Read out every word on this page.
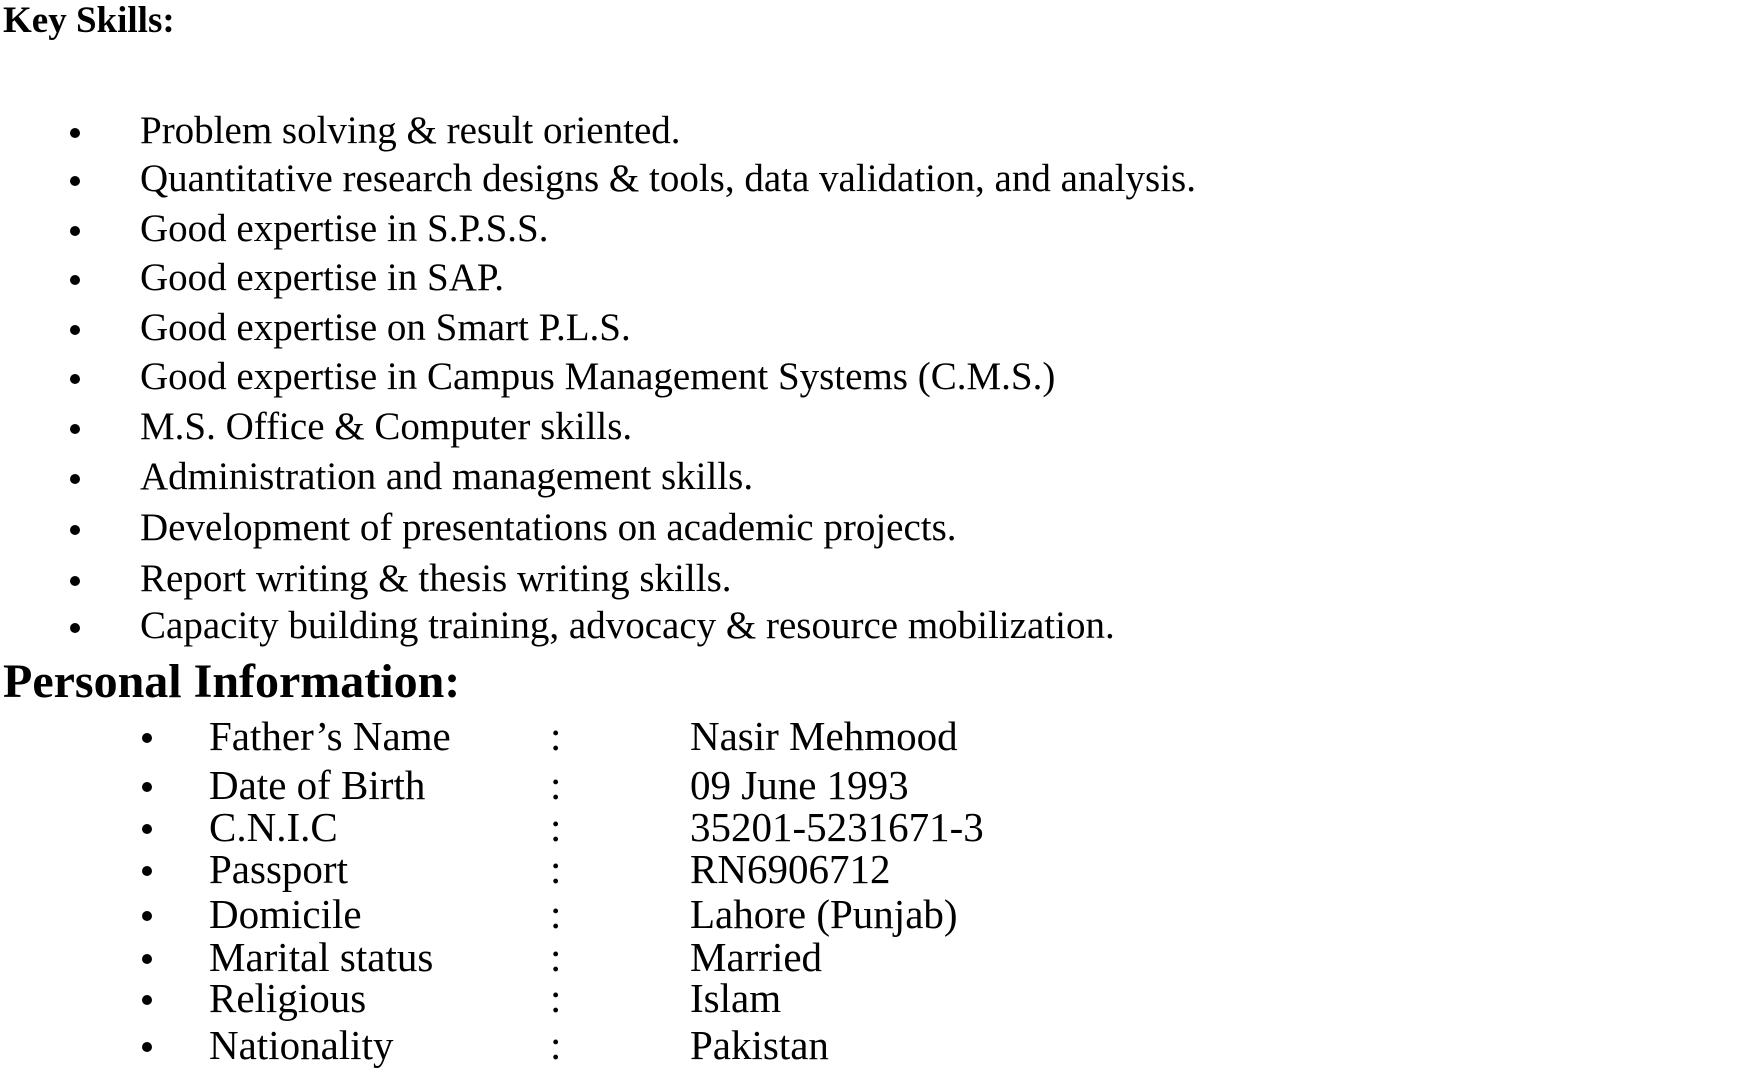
Key Skills:
Problem solving & result oriented.
Quantitative research designs & tools, data validation, and analysis.
Good expertise in S.P.S.S.
Good expertise in SAP.
Good expertise on Smart P.L.S.
Good expertise in Campus Management Systems (C.M.S.)
M.S. Office & Computer skills.
Administration and management skills.
Development of presentations on academic projects.
Report writing & thesis writing skills.
Capacity building training, advocacy & resource mobilization.
Personal Information:
Father’s Name :	Nasir Mehmood
Date of Birth	:	09 June 1993
C.N.I.C	:	35201-5231671-3
Passport	:	RN6906712
Domicile	:	Lahore (Punjab)
Marital status	:	Married
Religious	:	Islam
Nationality	:	Pakistan
